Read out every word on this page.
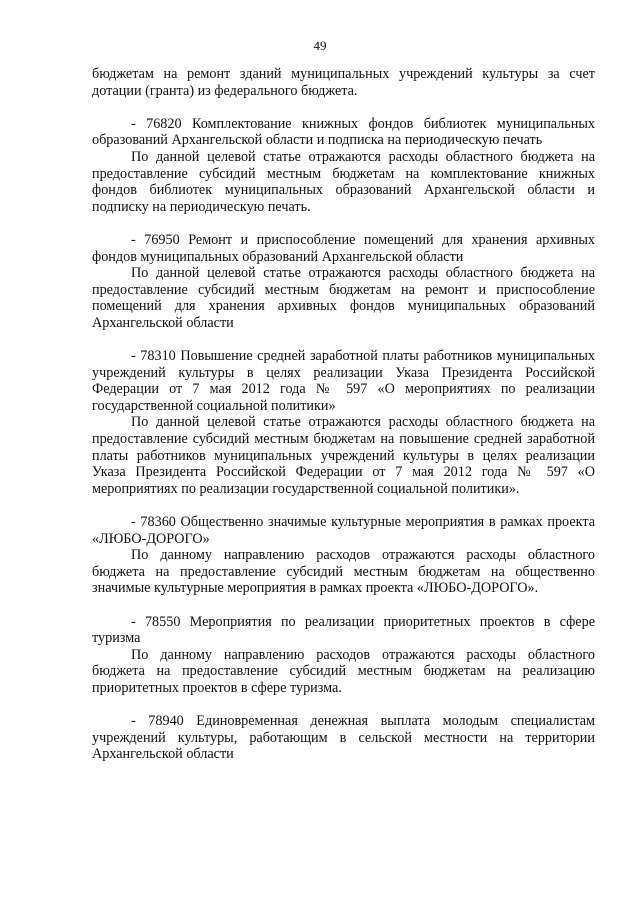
49

бюджетам на ремонт зданий муниципальных учреждений культуры за счет дотации (гранта) из федерального бюджета.

- 76820 Комплектование книжных фондов библиотек муниципальных образований Архангельской области и подписка на периодическую печать

По данной целевой статье отражаются расходы областного бюджета на предоставление субсидий местным бюджетам на комплектование книжных фондов библиотек муниципальных образований Архангельской области и подписку на периодическую печать.

- 76950 Ремонт и приспособление помещений для хранения архивных фондов муниципальных образований Архангельской области

По данной целевой статье отражаются расходы областного бюджета на предоставление субсидий местным бюджетам на ремонт и приспособление помещений для хранения архивных фондов муниципальных образований Архангельской области

- 78310 Повышение средней заработной платы работников муниципальных учреждений культуры в целях реализации Указа Президента Российской Федерации от 7 мая 2012 года № 597 «О мероприятиях по реализации государственной социальной политики»

По данной целевой статье отражаются расходы областного бюджета на предоставление субсидий местным бюджетам на повышение средней заработной платы работников муниципальных учреждений культуры в целях реализации Указа Президента Российской Федерации от 7 мая 2012 года № 597 «О мероприятиях по реализации государственной социальной политики».

- 78360 Общественно значимые культурные мероприятия в рамках проекта «ЛЮБО-ДОРОГО»

По данному направлению расходов отражаются расходы областного бюджета на предоставление субсидий местным бюджетам на общественно значимые культурные мероприятия в рамках проекта «ЛЮБО-ДОРОГО».

- 78550 Мероприятия по реализации приоритетных проектов в сфере туризма

По данному направлению расходов отражаются расходы областного бюджета на предоставление субсидий местным бюджетам на реализацию приоритетных проектов в сфере туризма.

- 78940 Единовременная денежная выплата молодым специалистам учреждений культуры, работающим в сельской местности на территории Архангельской области
